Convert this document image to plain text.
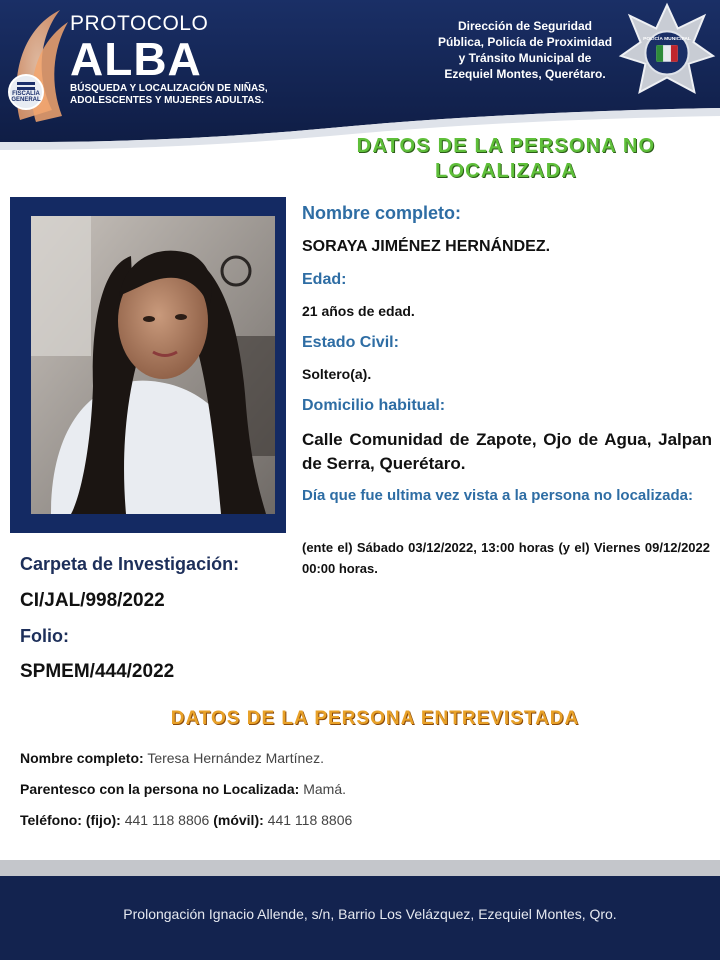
FISCALÍA GENERAL
PROTOCOLO
ALBA
BÚSQUEDA Y LOCALIZACIÓN DE NIÑAS,
ADOLESCENTES Y MUJERES ADULTAS.
Dirección de Seguridad
Pública, Policía de Proximidad
y Tránsito Municipal de
Ezequiel Montes, Querétaro.
POLICÍA MUNICIPAL
DATOS DE LA PERSONA NO
LOCALIZADA
Nombre completo:
SORAYA JIMÉNEZ HERNÁNDEZ.
Edad:
21 años de edad.
Estado Civil:
Soltero(a).
Domicilio habitual:
Calle Comunidad de Zapote, Ojo de Agua, Jalpan de Serra, Querétaro.
Día que fue ultima vez vista a la persona no localizada:
(ente el) Sábado 03/12/2022, 13:00 horas (y el) Viernes 09/12/2022 00:00 horas.
Carpeta de Investigación:
CI/JAL/998/2022
Folio:
SPMEM/444/2022
DATOS DE LA PERSONA ENTREVISTADA
Nombre completo: Teresa Hernández Martínez.
Parentesco con la persona no Localizada: Mamá.
Teléfono: (fijo): 441 118 8806 (móvil): 441 118 8806
Prolongación Ignacio Allende, s/n, Barrio Los Velázquez, Ezequiel Montes, Qro.
